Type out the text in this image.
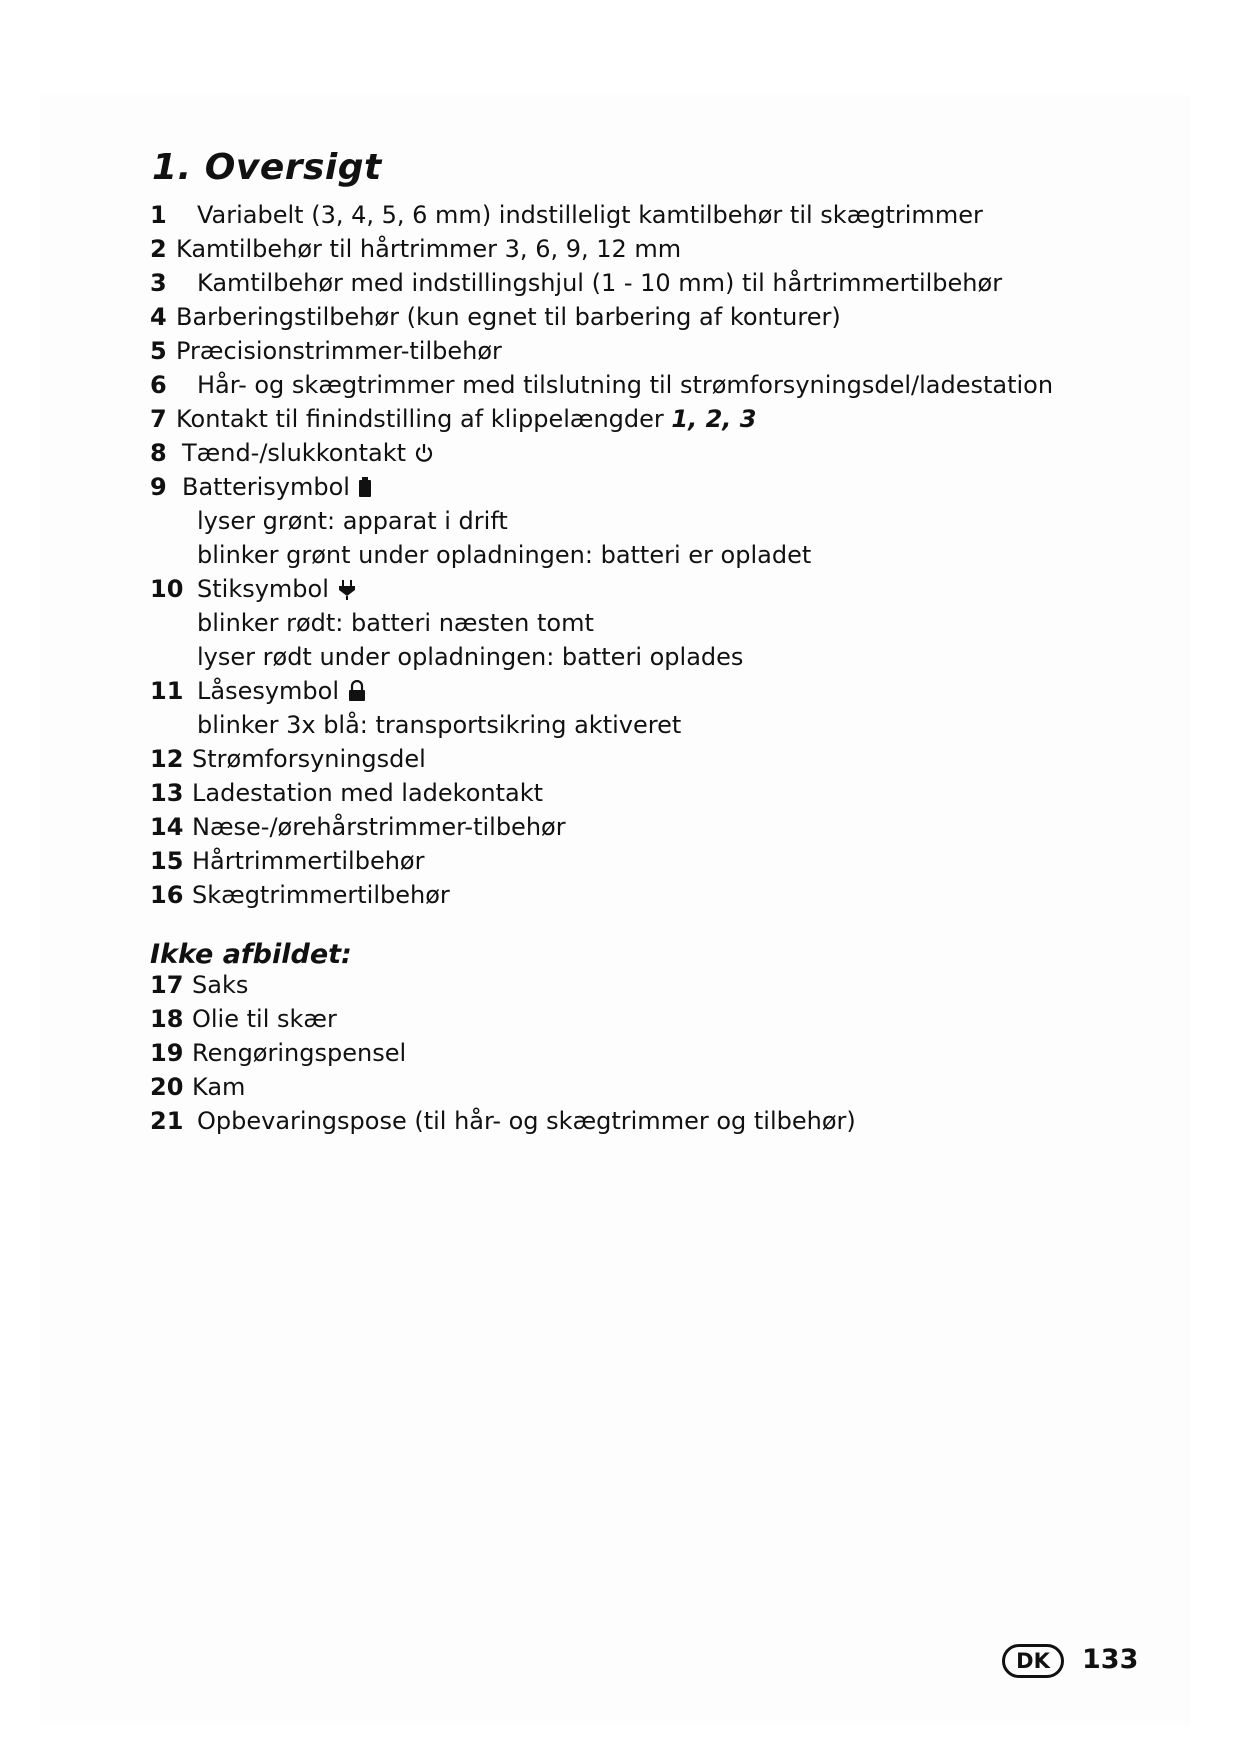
1. Oversigt
1 Variabelt (3, 4, 5, 6 mm) indstilleligt kamtilbehør til skægtrimmer
2 Kamtilbehør til hårtrimmer 3, 6, 9, 12 mm
3 Kamtilbehør med indstillingshjul (1 - 10 mm) til hårtrimmertilbehør
4 Barberingstilbehør (kun egnet til barbering af konturer)
5 Præcisionstrimmer-tilbehør
6 Hår- og skægtrimmer med tilslutning til strømforsyningsdel/ladestation
7 Kontakt til finindstilling af klippelængder 1, 2, 3
8 Tænd-/slukkontakt
9 Batterisymbol
lyser grønt: apparat i drift
blinker grønt under opladningen: batteri er opladet
10 Stiksymbol
blinker rødt: batteri næsten tomt
lyser rødt under opladningen: batteri oplades
11 Låsesymbol
blinker 3x blå: transportsikring aktiveret
12 Strømforsyningsdel
13 Ladestation med ladekontakt
14 Næse-/ørehårstrimmer-tilbehør
15 Hårtrimmertilbehør
16 Skægtrimmertilbehør
Ikke afbildet:
17 Saks
18 Olie til skær
19 Rengøringspensel
20 Kam
21 Opbevaringspose (til hår- og skægtrimmer og tilbehør)
DK	133
